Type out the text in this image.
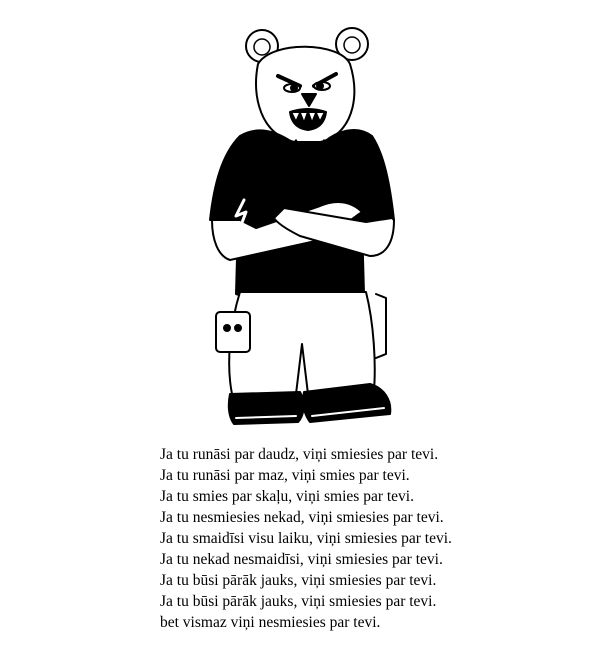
Ja tu runāsi par daudz, viņi smiesies par tevi.
Ja tu runāsi par maz, viņi smies par tevi.
Ja tu smies par skaļu, viņi smies par tevi.
Ja tu nesmiesies nekad, viņi smiesies par tevi.
Ja tu smaidīsi visu laiku, viņi smiesies par tevi.
Ja tu nekad nesmaidīsi, viņi smiesies par tevi.
Ja tu būsi pārāk jauks, viņi smiesies par tevi.
Ja tu būsi pārāk jauks, viņi smiesies par tevi.
bet vismaz viņi nesmiesies par tevi.
